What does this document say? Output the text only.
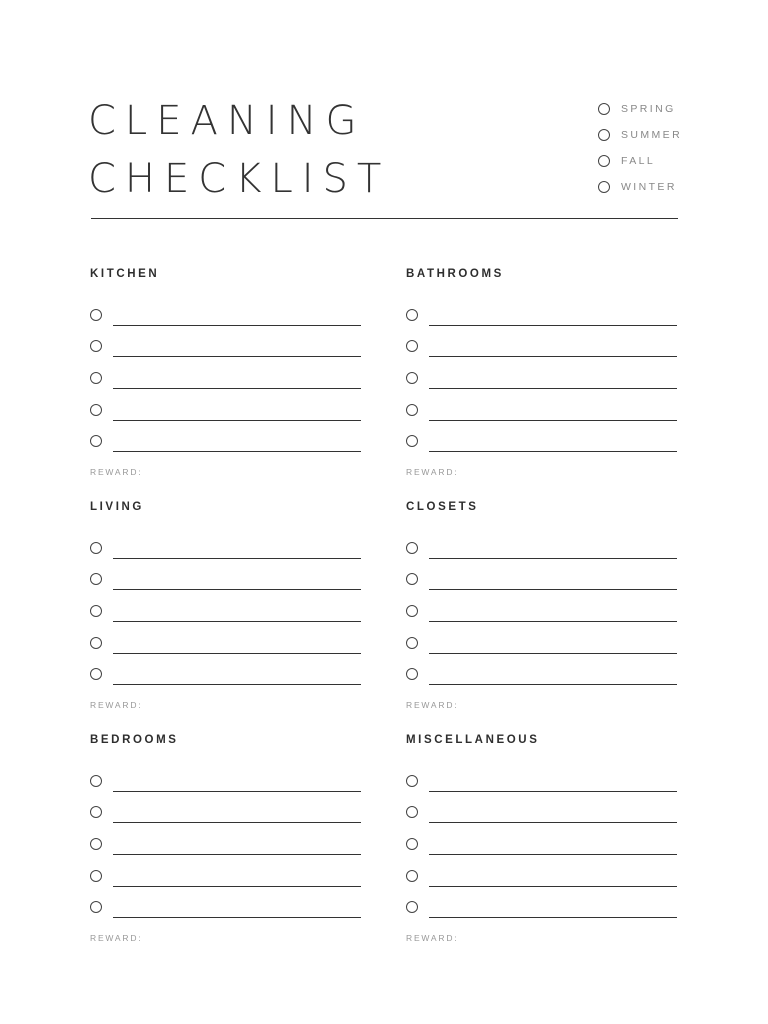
CLEANING
CHECKLIST
SPRING
SUMMER
FALL
WINTER
KITCHEN
REWARD:
BATHROOMS
REWARD:
LIVING
REWARD:
CLOSETS
REWARD:
BEDROOMS
REWARD:
MISCELLANEOUS
REWARD:
